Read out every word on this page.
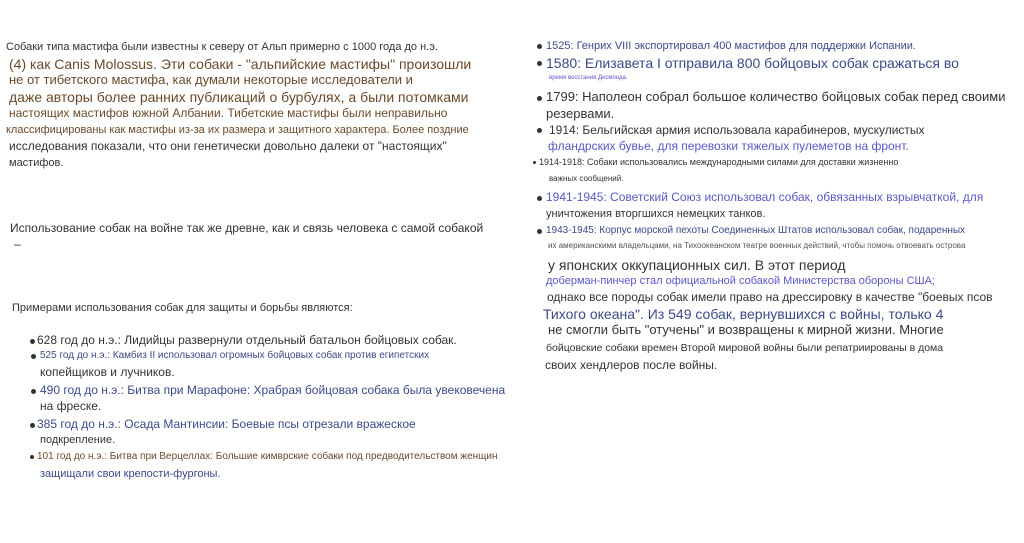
Собаки типа мастифа были известны к северу от Альп примерно с 1000 года до н.э.
(4) как Canis Molossus. Эти собаки - "альпийские мастифы" произошли
не от тибетского мастифа, как думали некоторые исследователи и
даже авторы более ранних публикаций о бурбулях, а были потомками
настоящих мастифов южной Албании. Тибетские мастифы были неправильно
классифицированы как мастифы из-за их размера и защитного характера. Более поздние
исследования показали, что они генетически довольно далеки от "настоящих"
мастифов.
Использование собак на войне так же древне, как и связь человека с самой собакой
–
Примерами использования собак для защиты и борьбы являются:
628 год до н.э.: Лидийцы развернули отдельный батальон бойцовых собак.
525 год до н.э.: Камбиз II использовал огромных бойцовых собак против египетских
копейщиков и лучников.
490 год до н.э.: Битва при Марафоне: Храбрая бойцовая собака была увековечена
на фреске.
385 год до н.э.: Осада Мантинсии: Боевые псы отрезали вражеское
подкрепление.
101 год до н.э.: Битва при Верцеллах: Большие кимврские собаки под предводительством женщин
защищали свои крепости-фургоны.
1525: Генрих VIII экспортировал 400 мастифов для поддержки Испании.
1580: Елизавета I отправила 800 бойцовых собак сражаться во
время восстания Десмонда.
1799: Наполеон собрал большое количество бойцовых собак перед своими
резервами.
1914: Бельгийская армия использовала карабинеров, мускулистых
фландрских бувье, для перевозки тяжелых пулеметов на фронт.
1914-1918: Собаки использовались международными силами для доставки жизненно
важных сообщений.
1941-1945: Советский Союз использовал собак, обвязанных взрывчаткой, для
уничтожения вторгшихся немецких танков.
1943-1945: Корпус морской пехоты Соединенных Штатов использовал собак, подаренных
их американскими владельцами, на Тихоокеанском театре военных действий, чтобы помочь отвоевать острова
у японских оккупационных сил. В этот период
доберман-пинчер стал официальной собакой Министерства обороны США;
однако все породы собак имели право на дрессировку в качестве "боевых псов
Тихого океана". Из 549 собак, вернувшихся с войны, только 4
не смогли быть "отучены" и возвращены к мирной жизни. Многие
бойцовские собаки времен Второй мировой войны были репатриированы в дома
своих хендлеров после войны.
